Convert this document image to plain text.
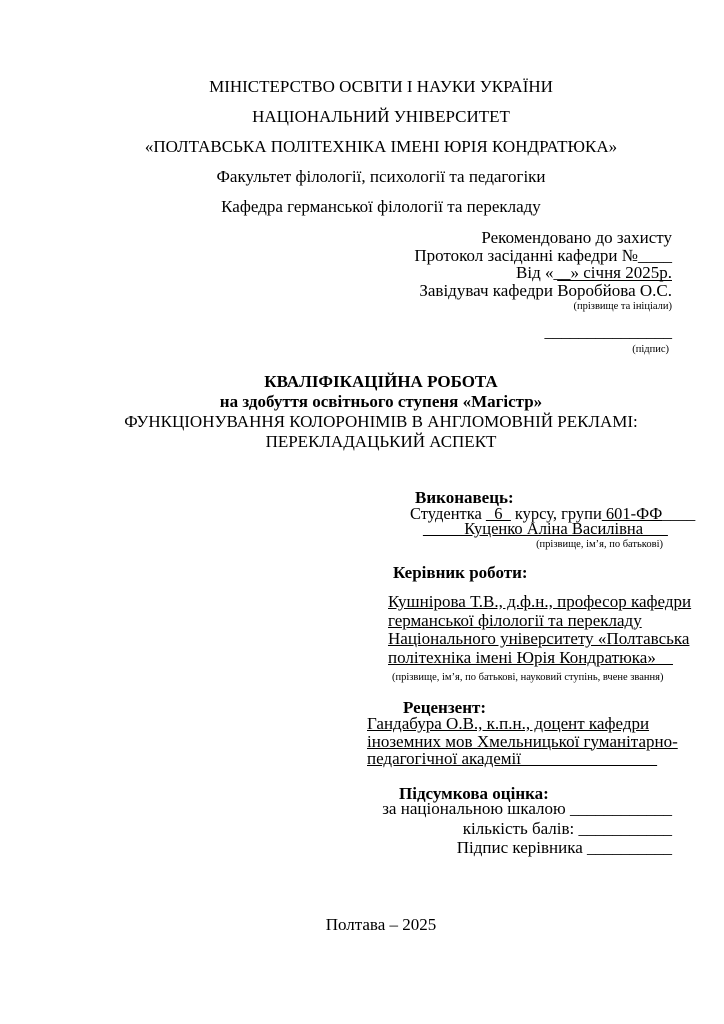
МІНІСТЕРСТВО ОСВІТИ І НАУКИ УКРАЇНИ
НАЦІОНАЛЬНИЙ УНІВЕРСИТЕТ
«ПОЛТАВСЬКА ПОЛІТЕХНІКА ІМЕНІ ЮРІЯ КОНДРАТЮКА»
Факультет філології, психології та педагогіки
Кафедра германської філології та перекладу
Рекомендовано до захисту
Протокол засіданні кафедри №____
Від «__» січня 2025р.
Завідувач кафедри Воробйова О.С.
(прізвище та ініціали)
_______________
(підпис)
КВАЛІФІКАЦІЙНА РОБОТА
на здобуття освітнього ступеня «Магістр»
ФУНКЦІОНУВАННЯ КОЛОРОНІМІВ В АНГЛОМОВНІЙ РЕКЛАМІ:
ПЕРЕКЛАДАЦЬКИЙ АСПЕКТ
Виконавець:
Студентка _6_ курсу, групи 601-ФФ____
_____Куценко Аліна Василівна___
(прізвище, ім’я, по батькові)
Керівник роботи:
Кушнірова Т.В., д.ф.н., професор кафедри
германської філології та перекладу
Національного університету «Полтавська
політехніка імені Юрія Кондратюка»__
(прізвище, ім’я, по батькові, науковий ступінь, вчене звання)
Рецензент:
Гандабура О.В., к.п.н., доцент кафедри
іноземних мов Хмельницької гуманітарно-
педагогічної академії________________
Підсумкова оцінка:
за національною шкалою ____________
кількість балів: ___________
Підпис керівника __________
Полтава – 2025
